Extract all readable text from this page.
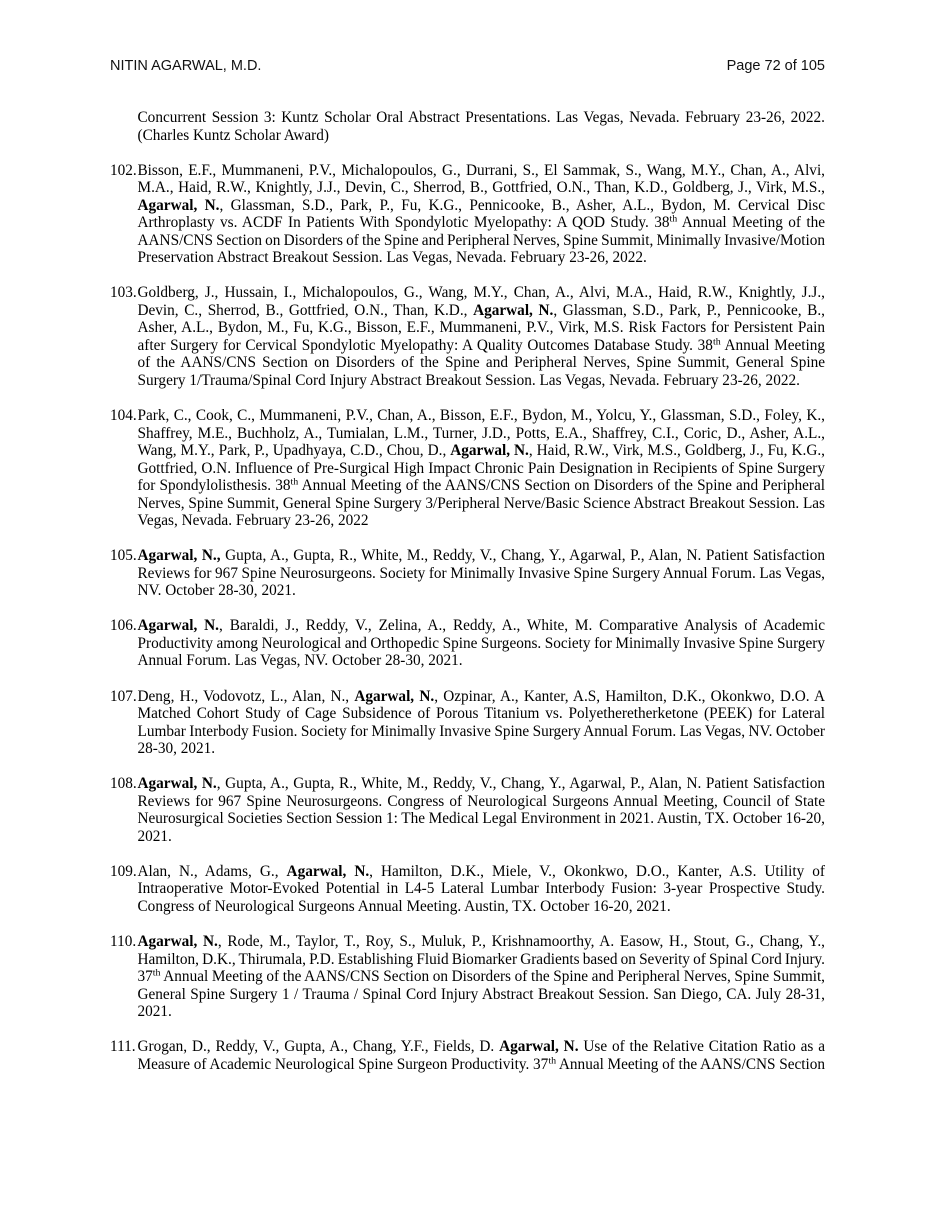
NITIN AGARWAL, M.D.	Page 72 of 105
Concurrent Session 3: Kuntz Scholar Oral Abstract Presentations. Las Vegas, Nevada. February 23-26, 2022.
(Charles Kuntz Scholar Award)
102. Bisson, E.F., Mummaneni, P.V., Michalopoulos, G., Durrani, S., El Sammak, S., Wang, M.Y., Chan, A., Alvi,
M.A., Haid, R.W., Knightly, J.J., Devin, C., Sherrod, B., Gottfried, O.N., Than, K.D., Goldberg, J., Virk, M.S.,
Agarwal, N., Glassman, S.D., Park, P., Fu, K.G., Pennicooke, B., Asher, A.L., Bydon, M. Cervical Disc
Arthroplasty vs. ACDF In Patients With Spondylotic Myelopathy: A QOD Study. 38th Annual Meeting of the
AANS/CNS Section on Disorders of the Spine and Peripheral Nerves, Spine Summit, Minimally Invasive/Motion
Preservation Abstract Breakout Session. Las Vegas, Nevada. February 23-26, 2022.
103. Goldberg, J., Hussain, I., Michalopoulos, G., Wang, M.Y., Chan, A., Alvi, M.A., Haid, R.W., Knightly, J.J.,
Devin, C., Sherrod, B., Gottfried, O.N., Than, K.D., Agarwal, N., Glassman, S.D., Park, P., Pennicooke, B.,
Asher, A.L., Bydon, M., Fu, K.G., Bisson, E.F., Mummaneni, P.V., Virk, M.S. Risk Factors for Persistent Pain
after Surgery for Cervical Spondylotic Myelopathy: A Quality Outcomes Database Study. 38th Annual Meeting
of the AANS/CNS Section on Disorders of the Spine and Peripheral Nerves, Spine Summit, General Spine
Surgery 1/Trauma/Spinal Cord Injury Abstract Breakout Session. Las Vegas, Nevada. February 23-26, 2022.
104. Park, C., Cook, C., Mummaneni, P.V., Chan, A., Bisson, E.F., Bydon, M., Yolcu, Y., Glassman, S.D., Foley, K.,
Shaffrey, M.E., Buchholz, A., Tumialan, L.M., Turner, J.D., Potts, E.A., Shaffrey, C.I., Coric, D., Asher, A.L.,
Wang, M.Y., Park, P., Upadhyaya, C.D., Chou, D., Agarwal, N., Haid, R.W., Virk, M.S., Goldberg, J., Fu, K.G.,
Gottfried, O.N. Influence of Pre-Surgical High Impact Chronic Pain Designation in Recipients of Spine Surgery
for Spondylolisthesis. 38th Annual Meeting of the AANS/CNS Section on Disorders of the Spine and Peripheral
Nerves, Spine Summit, General Spine Surgery 3/Peripheral Nerve/Basic Science Abstract Breakout Session. Las
Vegas, Nevada. February 23-26, 2022
105. Agarwal, N., Gupta, A., Gupta, R., White, M., Reddy, V., Chang, Y., Agarwal, P., Alan, N. Patient Satisfaction
Reviews for 967 Spine Neurosurgeons. Society for Minimally Invasive Spine Surgery Annual Forum. Las Vegas,
NV. October 28-30, 2021.
106. Agarwal, N., Baraldi, J., Reddy, V., Zelina, A., Reddy, A., White, M. Comparative Analysis of Academic
Productivity among Neurological and Orthopedic Spine Surgeons. Society for Minimally Invasive Spine Surgery
Annual Forum. Las Vegas, NV. October 28-30, 2021.
107. Deng, H., Vodovotz, L., Alan, N., Agarwal, N., Ozpinar, A., Kanter, A.S, Hamilton, D.K., Okonkwo, D.O. A
Matched Cohort Study of Cage Subsidence of Porous Titanium vs. Polyetheretherketone (PEEK) for Lateral
Lumbar Interbody Fusion. Society for Minimally Invasive Spine Surgery Annual Forum. Las Vegas, NV. October
28-30, 2021.
108. Agarwal, N., Gupta, A., Gupta, R., White, M., Reddy, V., Chang, Y., Agarwal, P., Alan, N. Patient Satisfaction
Reviews for 967 Spine Neurosurgeons. Congress of Neurological Surgeons Annual Meeting, Council of State
Neurosurgical Societies Section Session 1: The Medical Legal Environment in 2021. Austin, TX. October 16-20,
2021.
109. Alan, N., Adams, G., Agarwal, N., Hamilton, D.K., Miele, V., Okonkwo, D.O., Kanter, A.S. Utility of
Intraoperative Motor-Evoked Potential in L4-5 Lateral Lumbar Interbody Fusion: 3-year Prospective Study.
Congress of Neurological Surgeons Annual Meeting. Austin, TX. October 16-20, 2021.
110. Agarwal, N., Rode, M., Taylor, T., Roy, S., Muluk, P., Krishnamoorthy, A. Easow, H., Stout, G., Chang, Y.,
Hamilton, D.K., Thirumala, P.D. Establishing Fluid Biomarker Gradients based on Severity of Spinal Cord Injury.
37th Annual Meeting of the AANS/CNS Section on Disorders of the Spine and Peripheral Nerves, Spine Summit,
General Spine Surgery 1 / Trauma / Spinal Cord Injury Abstract Breakout Session. San Diego, CA. July 28-31,
2021.
111. Grogan, D., Reddy, V., Gupta, A., Chang, Y.F., Fields, D. Agarwal, N. Use of the Relative Citation Ratio as a
Measure of Academic Neurological Spine Surgeon Productivity. 37th Annual Meeting of the AANS/CNS Section
